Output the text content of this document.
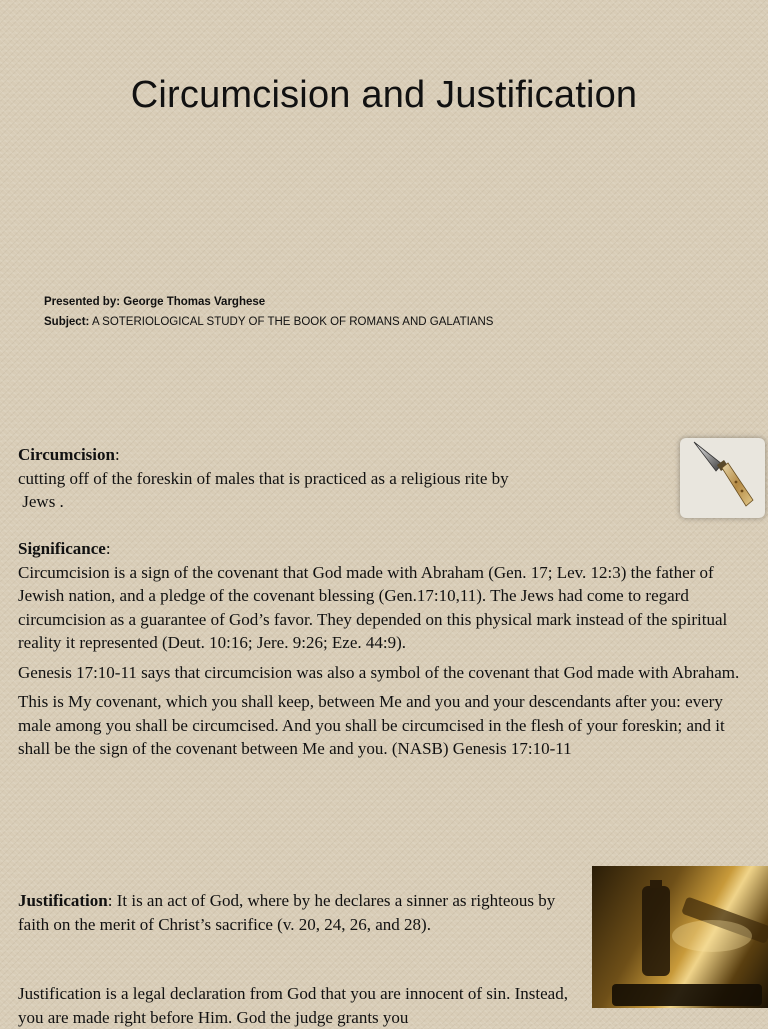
Circumcision and Justification
Presented by: George Thomas Varghese
Subject: A SOTERIOLOGICAL STUDY OF THE BOOK OF ROMANS AND GALATIANS

Circumcision:

cutting off of the foreskin of males that is practiced as a religious rite by

Jews .

Significance:

Circumcision is a sign of the covenant that God made with Abraham (Gen. 17; Lev. 12:3) the father of Jewish nation, and a pledge of the covenant blessing (Gen.17:10,11). The Jews had come to regard circumcision as a guarantee of God’s favor. They depended on this physical mark instead of the spiritual reality it represented (Deut. 10:16; Jere. 9:26; Eze. 44:9).

Genesis 17:10-11 says that circumcision was also a symbol of the covenant that God made with Abraham.

This is My covenant, which you shall keep, between Me and you and your descendants after you: every male among you shall be circumcised. And you shall be circumcised in the flesh of your foreskin; and it shall be the sign of the covenant between Me and you. (NASB) Genesis 17:10-11

Justification: It is an act of God, where by he declares a sinner as righteous by faith on the merit of Christ’s sacrifice (v. 20, 24, 26, and 28).

Justification is a legal declaration from God that you are innocent of sin. Instead, you are made right before Him. God the judge grants you
